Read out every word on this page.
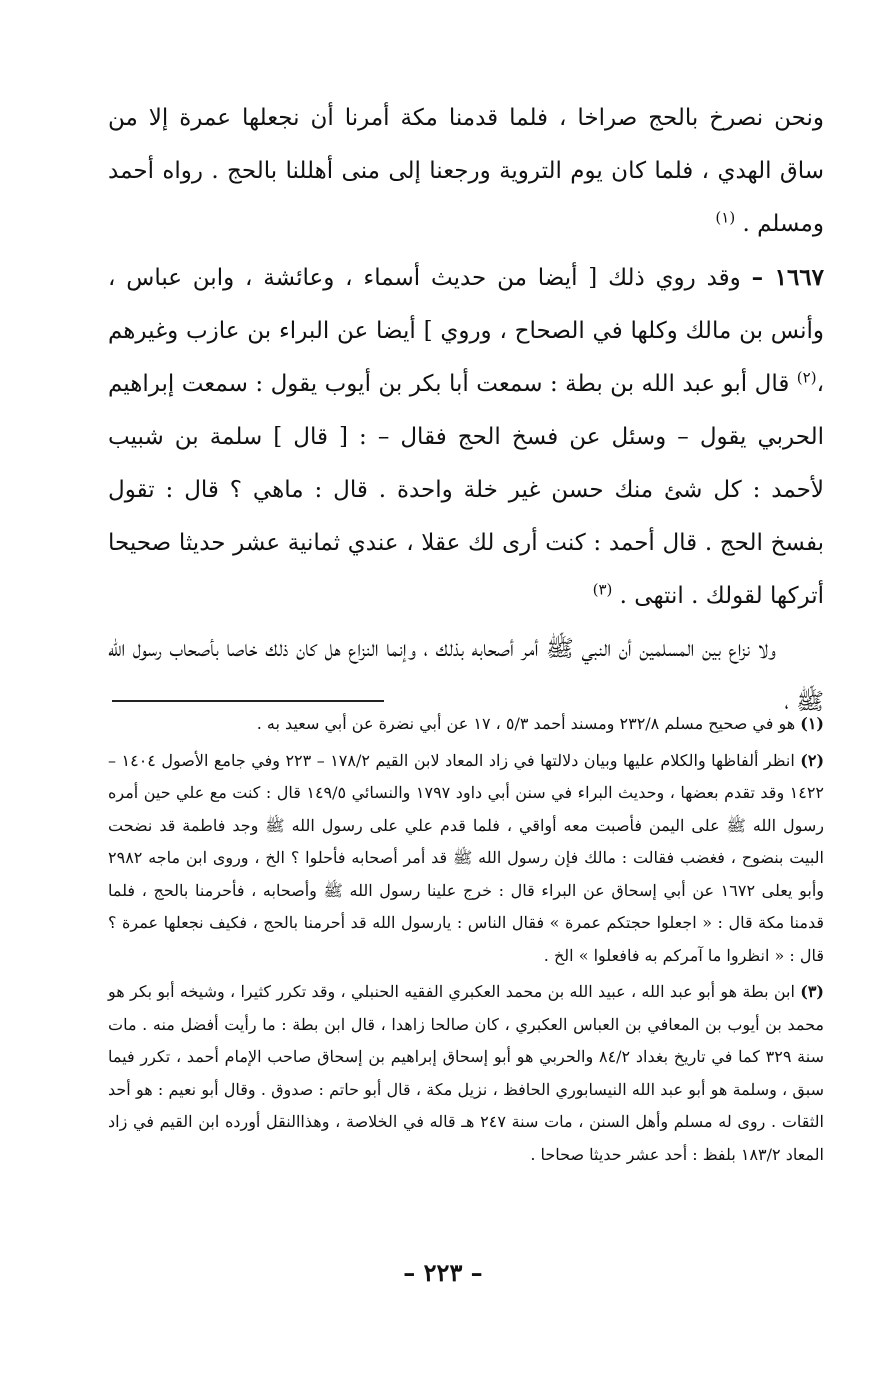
ونحن نصرخ بالحج صراخا ، فلما قدمنا مكة أمرنا أن نجعلها عمرة إلا من ساق الهدي ، فلما كان يوم التروية ورجعنا إلى منى أهللنا بالحج . رواه أحمد ومسلم . $^{(١)}$

١٦٦٧ – وقد روي ذلك [ أيضا من حديث أسماء ، وعائشة ، وابن عباس ، وأنس بن مالك وكلها في الصحاح ، وروي ] أيضا عن البراء بن عازب وغيرهم ،$^{(٢)}$ قال أبو عبد الله بن بطة : سمعت أبا بكر بن أيوب يقول : سمعت إبراهيم الحربي يقول – وسئل عن فسخ الحج فقال – : [ قال ] سلمة بن شبيب لأحمد : كل شئ منك حسن غير خلة واحدة . قال : ماهي ؟ قال : تقول بفسخ الحج . قال أحمد : كنت أرى لك عقلا ، عندي ثمانية عشر حديثا صحيحا أتركها لقولك . انتهى . $^{(٣)}$

ولا نزاع بين المسلمين أن النبي ﷺ أمر أصحابه بذلك ، وإنما النزاع هل كان ذلك خاصا بأصحاب رسول الله ﷺ ،

(١) هو في صحيح مسلم ٢٣٢/٨ ومسند أحمد ٥/٣ ، ١٧ عن أبي نضرة عن أبي سعيد به .

(٢) انظر ألفاظها والكلام عليها وبيان دلالتها في زاد المعاد لابن القيم ١٧٨/٢ – ٢٢٣ وفي جامع الأصول ١٤٠٤ – ١٤٢٢ وقد تقدم بعضها ، وحديث البراء في سنن أبي داود ١٧٩٧ والنسائي ١٤٩/٥ قال : كنت مع علي حين أمره رسول الله ﷺ على اليمن فأصبت معه أواقي ، فلما قدم علي على رسول الله ﷺ وجد فاطمة قد نضحت البيت بنضوح ، فغضب فقالت : مالك فإن رسول الله ﷺ قد أمر أصحابه فأحلوا ؟ الخ ، وروى ابن ماجه ٢٩٨٢ وأبو يعلى ١٦٧٢ عن أبي إسحاق عن البراء قال : خرج علينا رسول الله ﷺ وأصحابه ، فأحرمنا بالحج ، فلما قدمنا مكة قال : « اجعلوا حجتكم عمرة » فقال الناس : يارسول الله قد أحرمنا بالحج ، فكيف نجعلها عمرة ؟ قال : « انظروا ما آمركم به فافعلوا » الخ .

(٣) ابن بطة هو أبو عبد الله ، عبيد الله بن محمد العكبري الفقيه الحنبلي ، وقد تكرر كثيرا ، وشيخه أبو بكر هو محمد بن أيوب بن المعافي بن العباس العكبري ، كان صالحا زاهدا ، قال ابن بطة : ما رأيت أفضل منه . مات سنة ٣٢٩ كما في تاريخ بغداد ٨٤/٢ والحربي هو أبو إسحاق إبراهيم بن إسحاق صاحب الإمام أحمد ، تكرر فيما سبق ، وسلمة هو أبو عبد الله النيسابوري الحافظ ، نزيل مكة ، قال أبو حاتم : صدوق . وقال أبو نعيم : هو أحد الثقات . روى له مسلم وأهل السنن ، مات سنة ٢٤٧ هـ قاله في الخلاصة ، وهذاالنقل أورده ابن القيم في زاد المعاد ١٨٣/٢ بلفظ : أحد عشر حديثا صحاحا .

– ٢٢٣ –
